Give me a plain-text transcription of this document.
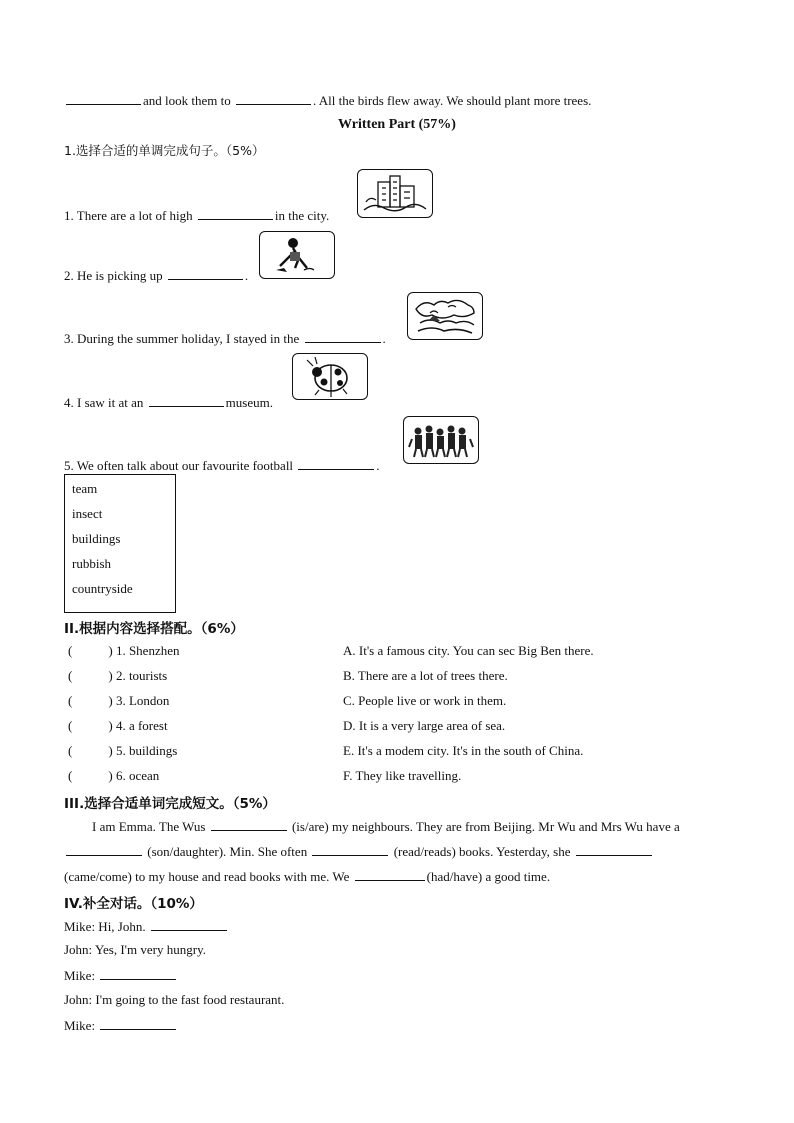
and look them to	. All the birds flew away. We should plant more trees.
Written Part (57%)
1.选择合适的单调完成句子。（5%）
1. There are a lot of high	in the city.
2. He is picking up	.
3. During the summer holiday, I stayed in the	.
4. I saw it at an	museum.
5. We often talk about our favourite football	.
team
insect
buildings
rubbish
countryside
II.根据内容选择搭配。（6%）
(	) 1. Shenzhen	A. It's a famous city. You can sec Big Ben there.
(	) 2. tourists	B. There are a lot of trees there.
(	) 3. London	C. People live or work in them.
(	) 4. a forest	D. It is a very large area of sea.
(	) 5. buildings	E. It's a modem city. It's in the south of China.
(	) 6. ocean	F. They like travelling.
III.选择合适单词完成短文。（5%）
I am Emma. The Wus	(is/are) my neighbours. They are from Beijing. Mr Wu and Mrs Wu have a
(son/daughter). Min. She often	(read/reads) books. Yesterday, she
(came/come) to my house and read books with me. We	(had/have) a good time.
IV.补全对话。（10%）
Mike: Hi, John.
John: Yes, I'm very hungry.
Mike:
John: I'm going to the fast food restaurant.
Mike:
